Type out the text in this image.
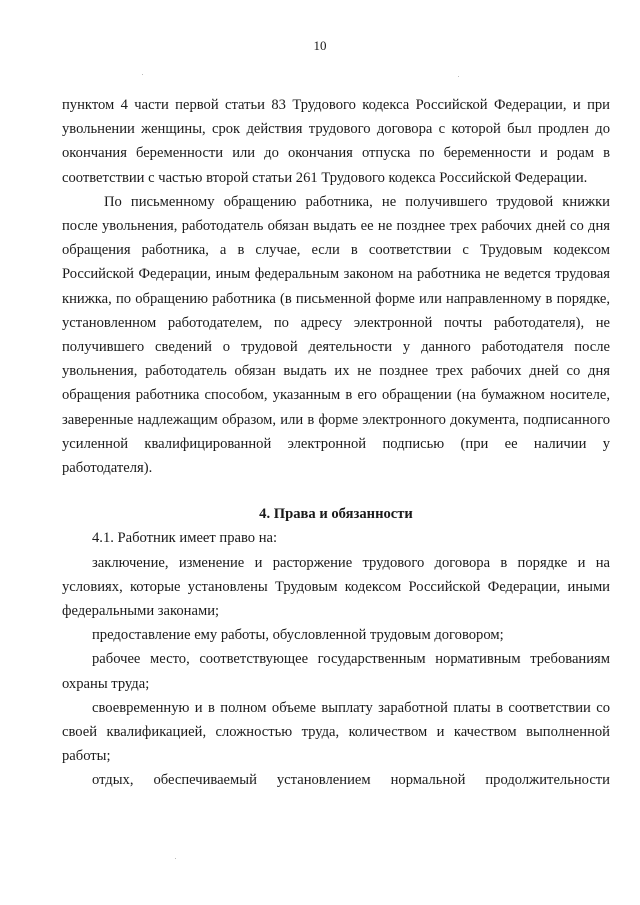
10

пунктом 4 части первой статьи 83 Трудового кодекса Российской Федерации, и при увольнении женщины, срок действия трудового договора с которой был продлен до окончания беременности или до окончания отпуска по беременности и родам в соответствии с частью второй статьи 261 Трудового кодекса Российской Федерации.

По письменному обращению работника, не получившего трудовой книжки после увольнения, работодатель обязан выдать ее не позднее трех рабочих дней со дня обращения работника, а в случае, если в соответствии с Трудовым кодексом Российской Федерации, иным федеральным законом на работника не ведется трудовая книжка, по обращению работника (в письменной форме или направленному в порядке, установленном работодателем, по адресу электронной почты работодателя), не получившего сведений о трудовой деятельности у данного работодателя после увольнения, работодатель обязан выдать их не позднее трех рабочих дней со дня обращения работника способом, указанным в его обращении (на бумажном носителе, заверенные надлежащим образом, или в форме электронного документа, подписанного усиленной квалифицированной электронной подписью (при ее наличии у работодателя).

4. Права и обязанности

4.1. Работник имеет право на:

заключение, изменение и расторжение трудового договора в порядке и на условиях, которые установлены Трудовым кодексом Российской Федерации, иными федеральными законами;

предоставление ему работы, обусловленной трудовым договором;

рабочее место, соответствующее государственным нормативным требованиям охраны труда;

своевременную и в полном объеме выплату заработной платы в соответствии со своей квалификацией, сложностью труда, количеством и качеством выполненной работы;

отдых, обеспечиваемый установлением нормальной продолжительности
